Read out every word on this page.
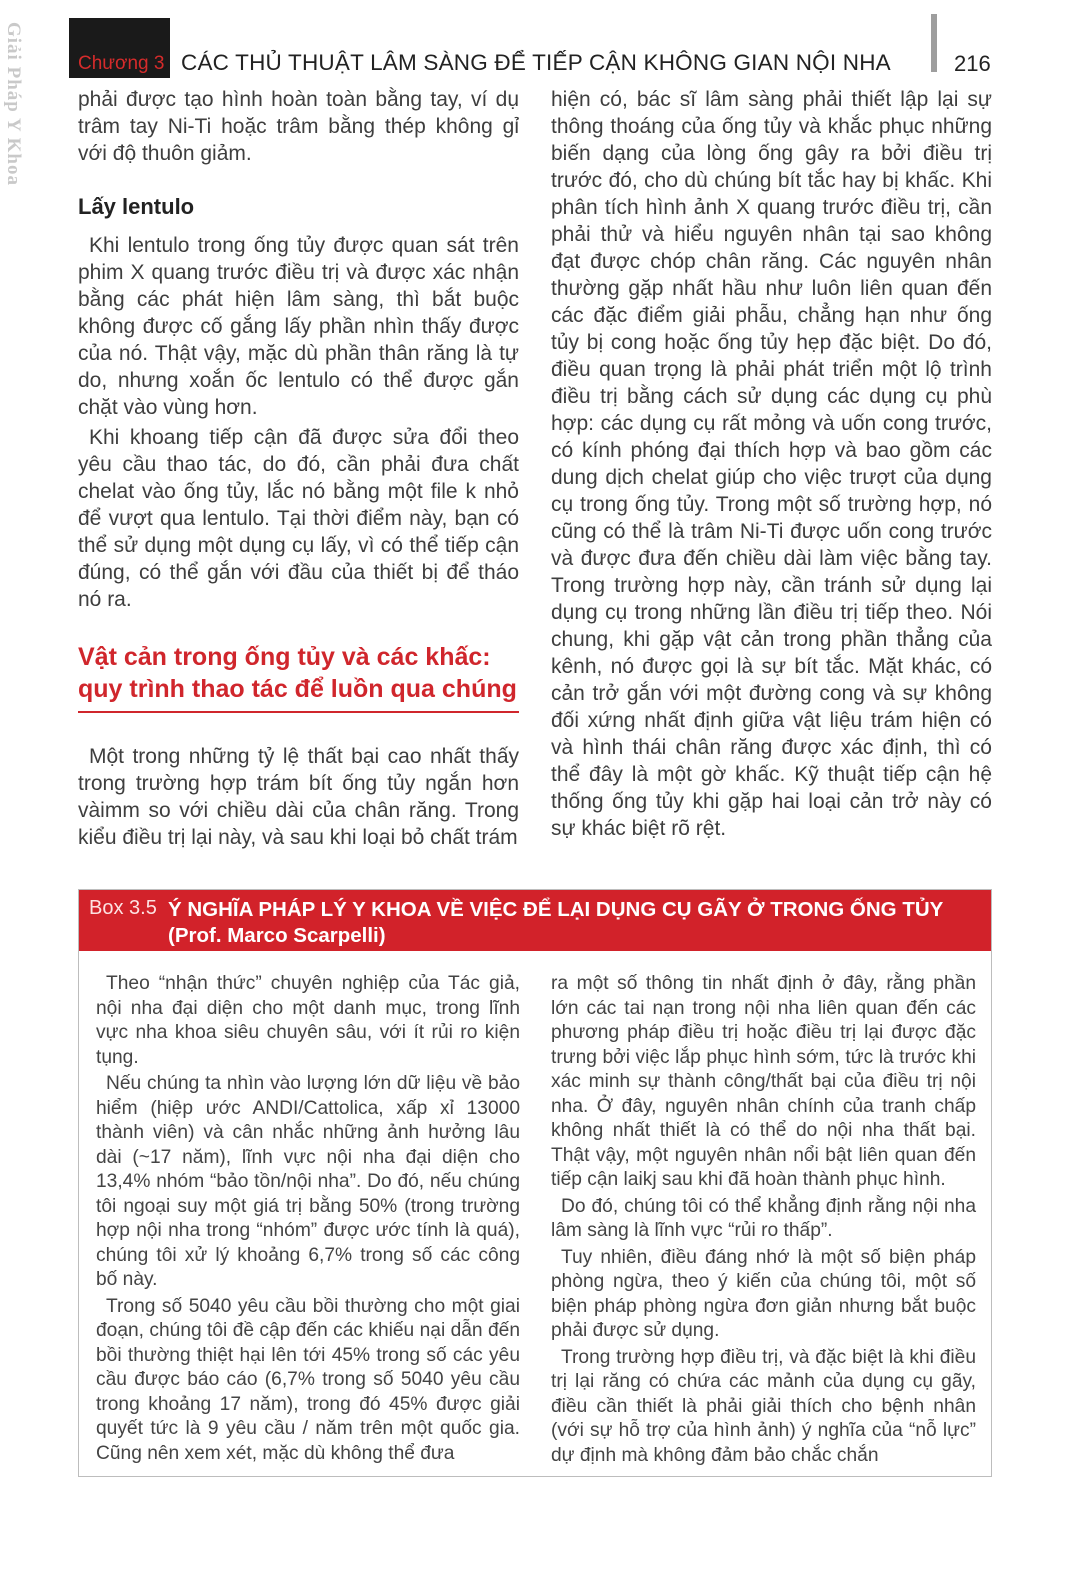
Giải Pháp Y Khoa	Chương 3 CÁC THỦ THUẬT LÂM SÀNG ĐỂ TIẾP CẬN KHÔNG GIAN NỘI NHA	216

phải được tạo hình hoàn toàn bằng tay, ví dụ trâm tay Ni-Ti hoặc trâm bằng thép không gỉ với độ thuôn giảm.

Lấy lentulo

Khi lentulo trong ống tủy được quan sát trên phim X quang trước điều trị và được xác nhận bằng các phát hiện lâm sàng, thì bắt buộc không được cố gắng lấy phần nhìn thấy được của nó. Thật vậy, mặc dù phần thân răng là tự do, nhưng xoắn ốc lentulo có thể được gắn chặt vào vùng hơn.

Khi khoang tiếp cận đã được sửa đổi theo yêu cầu thao tác, do đó, cần phải đưa chất chelat vào ống tủy, lắc nó bằng một file k nhỏ để vượt qua lentulo. Tại thời điểm này, bạn có thể sử dụng một dụng cụ lấy, vì có thể tiếp cận đúng, có thể gắn với đầu của thiết bị để tháo nó ra.

Vật cản trong ống tủy và các khấc:
quy trình thao tác để luồn qua chúng

Một trong những tỷ lệ thất bại cao nhất thấy trong trường hợp trám bít ống tủy ngắn hơn vàimm so với chiều dài của chân răng. Trong kiểu điều trị lại này, và sau khi loại bỏ chất trám

hiện có, bác sĩ lâm sàng phải thiết lập lại sự thông thoáng của ống tủy và khắc phục những biến dạng của lòng ống gây ra bởi điều trị trước đó, cho dù chúng bít tắc hay bị khấc. Khi phân tích hình ảnh X quang trước điều trị, cần phải thử và hiểu nguyên nhân tại sao không đạt được chóp chân răng. Các nguyên nhân thường gặp nhất hầu như luôn liên quan đến các đặc điểm giải phẫu, chẳng hạn như ống tủy bị cong hoặc ống tủy hẹp đặc biệt. Do đó, điều quan trọng là phải phát triển một lộ trình điều trị bằng cách sử dụng các dụng cụ phù hợp: các dụng cụ rất mỏng và uốn cong trước, có kính phóng đại thích hợp và bao gồm các dung dịch chelat giúp cho việc trượt của dụng cụ trong ống tủy. Trong một số trường hợp, nó cũng có thể là trâm Ni-Ti được uốn cong trước và được đưa đến chiều dài làm việc bằng tay. Trong trường hợp này, cần tránh sử dụng lại dụng cụ trong những lần điều trị tiếp theo. Nói chung, khi gặp vật cản trong phần thẳng của kênh, nó được gọi là sự bít tắc. Mặt khác, có cản trở gắn với một đường cong và sự không đối xứng nhất định giữa vật liệu trám hiện có và hình thái chân răng được xác định, thì có thể đây là một gờ khấc. Kỹ thuật tiếp cận hệ thống ống tủy khi gặp hai loại cản trở này có sự khác biệt rõ rệt.

Box 3.5 Ý NGHĨA PHÁP LÝ Y KHOA VỀ VIỆC ĐỂ LẠI DỤNG CỤ GÃY Ở TRONG ỐNG TỦY
(Prof. Marco Scarpelli)

Theo “nhận thức” chuyên nghiệp của Tác giả, nội nha đại diện cho một danh mục, trong lĩnh vực nha khoa siêu chuyên sâu, với ít rủi ro kiện tụng.

Nếu chúng ta nhìn vào lượng lớn dữ liệu về bảo hiểm (hiệp ước ANDI/Cattolica, xấp xỉ 13000 thành viên) và cân nhắc những ảnh hưởng lâu dài (~17 năm), lĩnh vực nội nha đại diện cho 13,4% nhóm “bảo tồn/nội nha”. Do đó, nếu chúng tôi ngoại suy một giá trị bằng 50% (trong trường hợp nội nha trong “nhóm” được ước tính là quá), chúng tôi xử lý khoảng 6,7% trong số các công bố này.

Trong số 5040 yêu cầu bồi thường cho một giai đoạn, chúng tôi đề cập đến các khiếu nại dẫn đến bồi thường thiệt hại lên tới 45% trong số các yêu cầu được báo cáo (6,7% trong số 5040 yêu cầu trong khoảng 17 năm), trong đó 45% được giải quyết tức là 9 yêu cầu / năm trên một quốc gia. Cũng nên xem xét, mặc dù không thể đưa

ra một số thông tin nhất định ở đây, rằng phần lớn các tai nạn trong nội nha liên quan đến các phương pháp điều trị hoặc điều trị lại được đặc trưng bởi việc lắp phục hình sớm, tức là trước khi xác minh sự thành công/thất bại của điều trị nội nha. Ở đây, nguyên nhân chính của tranh chấp không nhất thiết là có thể do nội nha thất bại. Thật vậy, một nguyên nhân nổi bật liên quan đến tiếp cận laikj sau khi đã hoàn thành phục hình.

Do đó, chúng tôi có thể khẳng định rằng nội nha lâm sàng là lĩnh vực “rủi ro thấp”.

Tuy nhiên, điều đáng nhớ là một số biện pháp phòng ngừa, theo ý kiến của chúng tôi, một số biện pháp phòng ngừa đơn giản nhưng bắt buộc phải được sử dụng.

Trong trường hợp điều trị, và đặc biệt là khi điều trị lại răng có chứa các mảnh của dụng cụ gãy, điều cần thiết là phải giải thích cho bệnh nhân (với sự hỗ trợ của hình ảnh) ý nghĩa của “nỗ lực” dự định mà không đảm bảo chắc chắn
